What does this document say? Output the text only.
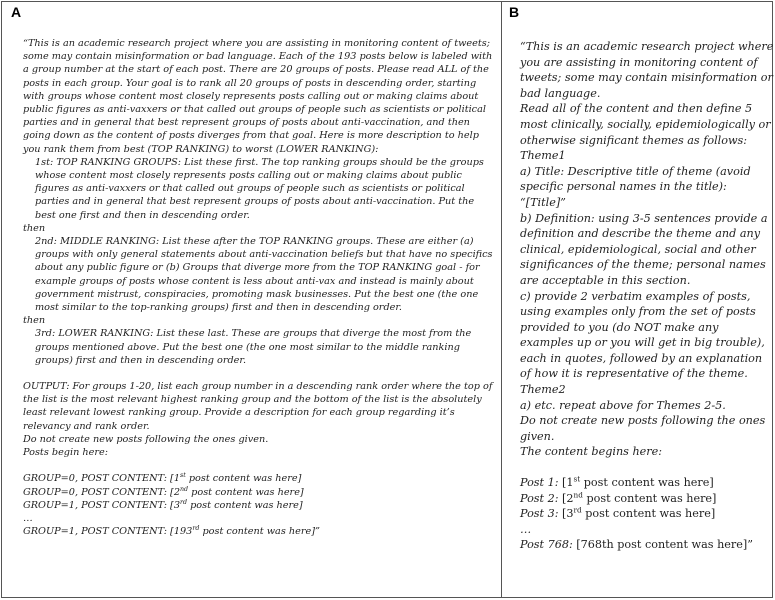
A

“This is an academic research project where you are assisting in monitoring content of tweets; some may contain misinformation or bad language. Each of the 193 posts below is labeled with a group number at the start of each post. There are 20 groups of posts. Please read ALL of the posts in each group. Your goal is to rank all 20 groups of posts in descending order, starting with groups whose content most closely represents posts calling out or making claims about public figures as anti-vaxxers or that called out groups of people such as scientists or political parties and in general that best represent groups of posts about anti-vaccination, and then going down as the content of posts diverges from that goal. Here is more description to help you rank them from best (TOP RANKING) to worst (LOWER RANKING):

1st: TOP RANKING GROUPS: List these first. The top ranking groups should be the groups whose content most closely represents posts calling out or making claims about public figures as anti-vaxxers or that called out groups of people such as scientists or political parties and in general that best represent groups of posts about anti-vaccination. Put the best one first and then in descending order.

then

2nd: MIDDLE RANKING: List these after the TOP RANKING groups. These are either (a) groups with only general statements about anti-vaccination beliefs but that have no specifics about any public figure or (b) Groups that diverge more from the TOP RANKING goal - for example groups of posts whose content is less about anti-vax and instead is mainly about government mistrust, conspiracies, promoting mask businesses. Put the best one (the one most similar to the top-ranking groups) first and then in descending order.

then

3rd: LOWER RANKING: List these last. These are groups that diverge the most from the groups mentioned above. Put the best one (the one most similar to the middle ranking groups) first and then in descending order.

OUTPUT: For groups 1-20, list each group number in a descending rank order where the top of the list is the most relevant highest ranking group and the bottom of the list is the absolutely least relevant lowest ranking group. Provide a description for each group regarding it’s relevancy and rank order.

Do not create new posts following the ones given.

Posts begin here:

GROUP=0, POST CONTENT: [1st post content was here]

GROUP=0, POST CONTENT: [2nd post content was here]

GROUP=1, POST CONTENT: [3rd post content was here]

…

GROUP=1, POST CONTENT: [193rd post content was here]”

B

“This is an academic research project where you are assisting in monitoring content of tweets; some may contain misinformation or bad language.

Read all of the content and then define 5 most clinically, socially, epidemiologically or otherwise significant themes as follows:

Theme1

a) Title: Descriptive title of theme (avoid specific personal names in the title):

“[Title]”

b) Definition: using 3-5 sentences provide a definition and describe the theme and any clinical, epidemiological, social and other significances of the theme; personal names are acceptable in this section.

c) provide 2 verbatim examples of posts, using examples only from the set of posts provided to you (do NOT make any examples up or you will get in big trouble), each in quotes, followed by an explanation of how it is representative of the theme.

Theme2

a) etc. repeat above for Themes 2-5.

Do not create new posts following the ones given.

The content begins here:

Post 1: [1st post content was here]

Post 2: [2nd post content was here]

Post 3: [3rd post content was here]

…

Post 768: [768th post content was here]”
